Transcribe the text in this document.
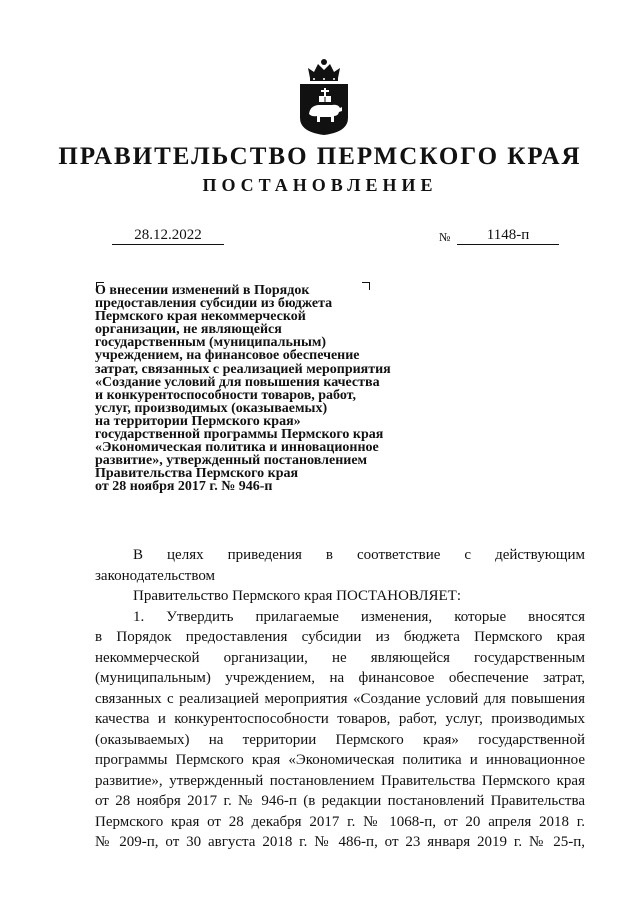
ПРАВИТЕЛЬСТВО ПЕРМСКОГО КРАЯ
ПОСТАНОВЛЕНИЕ
28.12.2022	№	1148-п
О внесении изменений в Порядок
предоставления субсидии из бюджета
Пермского края некоммерческой
организации, не являющейся
государственным (муниципальным)
учреждением, на финансовое обеспечение
затрат, связанных с реализацией мероприятия
«Создание условий для повышения качества
и конкурентоспособности товаров, работ,
услуг, производимых (оказываемых)
на территории Пермского края»
государственной программы Пермского края
«Экономическая политика и инновационное
развитие», утвержденный постановлением
Правительства Пермского края
от 28 ноября 2017 г. № 946-п

В целях приведения в соответствие с действующим

законодательством

Правительство Пермского края ПОСТАНОВЛЯЕТ:

1. Утвердить прилагаемые изменения, которые вносятся

в Порядок предоставления субсидии из бюджета Пермского края

некоммерческой организации, не являющейся государственным

(муниципальным) учреждением, на финансовое обеспечение затрат,

связанных с реализацией мероприятия «Создание условий для повышения

качества и конкурентоспособности товаров, работ, услуг, производимых

(оказываемых) на территории Пермского края» государственной

программы Пермского края «Экономическая политика и инновационное

развитие», утвержденный постановлением Правительства Пермского края

от 28 ноября 2017 г. № 946-п (в редакции постановлений Правительства

Пермского края от 28 декабря 2017 г. № 1068-п, от 20 апреля 2018 г.

№ 209-п, от 30 августа 2018 г. № 486-п, от 23 января 2019 г. № 25-п,
